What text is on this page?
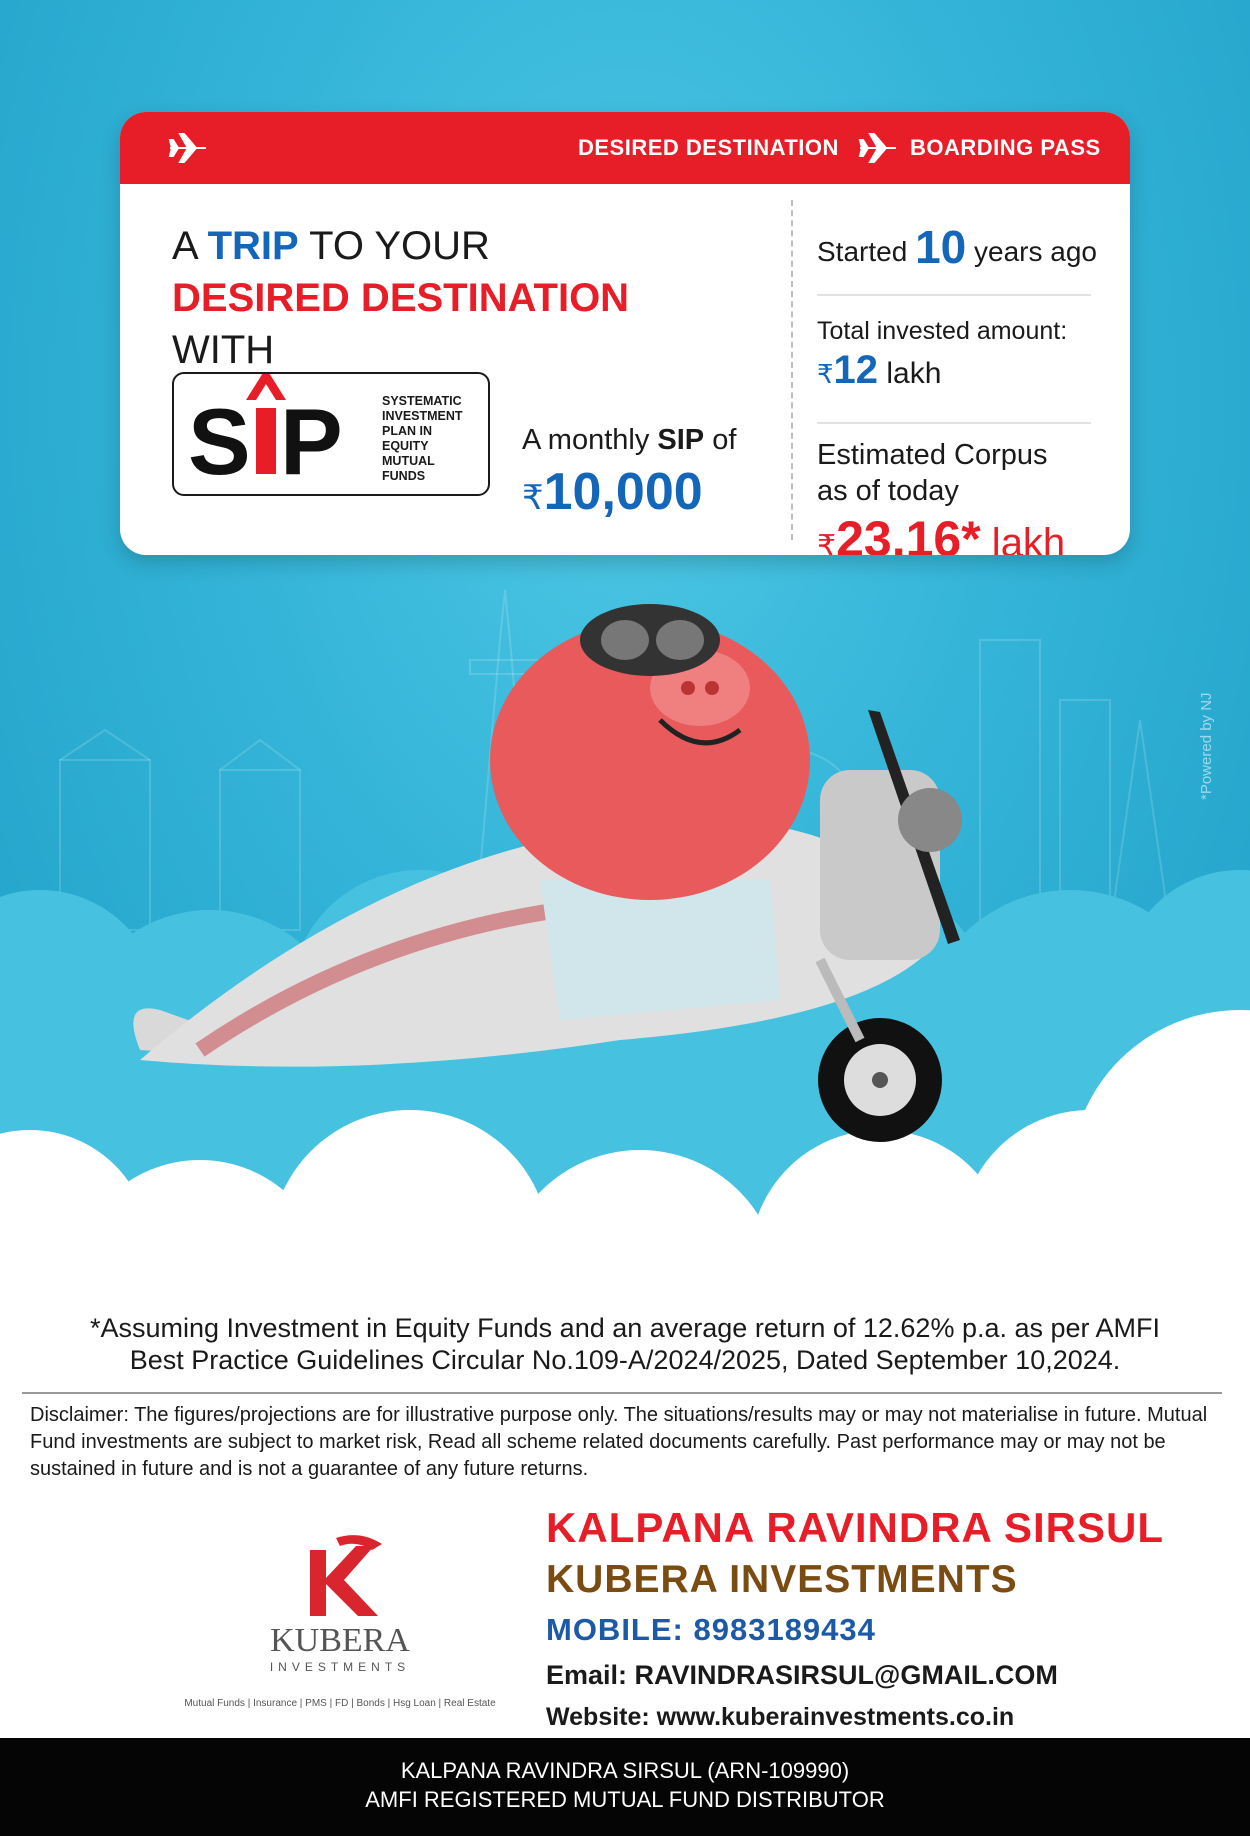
DESIRED DESTINATION	BOARDING PASS
A TRIP TO YOUR
DESIRED DESTINATION
WITH
S P	SYSTEMATIC
INVESTMENT
PLAN IN
EQUITY
MUTUAL
FUNDS
A monthly SIP of
₹10,000
Started 10 years ago
Total invested amount:
₹12 lakh
Estimated Corpus
as of today
₹23.16* lakh
*Powered by NJ
*Assuming Investment in Equity Funds and an average return of 12.62% p.a. as per AMFI
Best Practice Guidelines Circular No.109-A/2024/2025, Dated September 10,2024.
Disclaimer: The figures/projections are for illustrative purpose only. The situations/results may or may not materialise in future. Mutual Fund investments are subject to market risk, Read all scheme related documents carefully. Past performance may or may not be sustained in future and is not a guarantee of any future returns.
KUBERA
INVESTMENTS
Mutual Funds | Insurance | PMS | FD | Bonds | Hsg Loan | Real Estate
KALPANA RAVINDRA SIRSUL
KUBERA INVESTMENTS
MOBILE: 8983189434
Email: RAVINDRASIRSUL@GMAIL.COM
Website: www.kuberainvestments.co.in
KALPANA RAVINDRA SIRSUL (ARN-109990)
AMFI REGISTERED MUTUAL FUND DISTRIBUTOR
